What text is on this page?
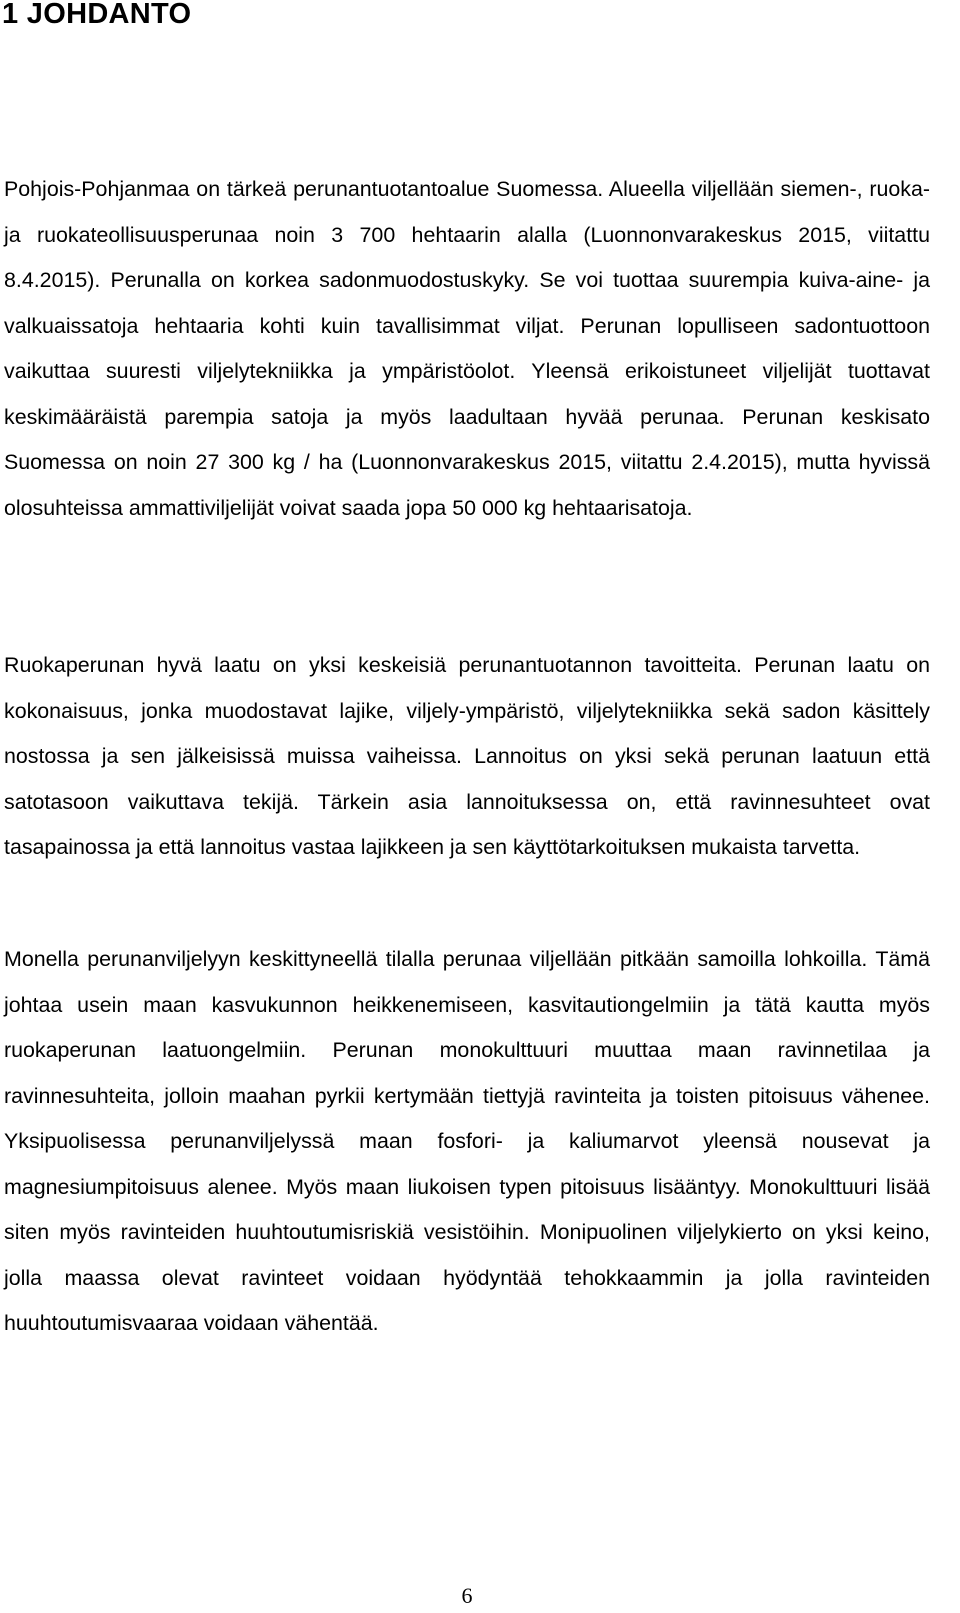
1 JOHDANTO

Pohjois-Pohjanmaa on tärkeä perunantuotantoalue Suomessa. Alueella viljellään siemen-, ruoka- ja ruokateollisuusperunaa noin 3 700 hehtaarin alalla (Luonnonvarakeskus 2015, viitattu 8.4.2015). Perunalla on korkea sadonmuodostuskyky. Se voi tuottaa suurempia kuiva-aine- ja valkuaissatoja hehtaaria kohti kuin tavallisimmat viljat. Perunan lopulliseen sadontuottoon vaikuttaa suuresti viljelytekniikka ja ympäristöolot. Yleensä erikoistuneet viljelijät tuottavat keskimääräistä parempia satoja ja myös laadultaan hyvää perunaa. Perunan keskisato Suomessa on noin 27 300 kg / ha (Luonnonvarakeskus 2015, viitattu 2.4.2015), mutta hyvissä olosuhteissa ammattiviljelijät voivat saada jopa 50 000 kg hehtaarisatoja.

Ruokaperunan hyvä laatu on yksi keskeisiä perunantuotannon tavoitteita. Perunan laatu on kokonaisuus, jonka muodostavat lajike, viljely-ympäristö, viljelytekniikka sekä sadon käsittely nostossa ja sen jälkeisissä muissa vaiheissa. Lannoitus on yksi sekä perunan laatuun että satotasoon vaikuttava tekijä. Tärkein asia lannoituksessa on, että ravinnesuhteet ovat tasapainossa ja että lannoitus vastaa lajikkeen ja sen käyttötarkoituksen mukaista tarvetta.

Monella perunanviljelyyn keskittyneellä tilalla perunaa viljellään pitkään samoilla lohkoilla. Tämä johtaa usein maan kasvukunnon heikkenemiseen, kasvitautiongelmiin ja tätä kautta myös ruokaperunan laatuongelmiin. Perunan monokulttuuri muuttaa maan ravinnetilaa ja ravinnesuhteita, jolloin maahan pyrkii kertymään tiettyjä ravinteita ja toisten pitoisuus vähenee. Yksipuolisessa perunanviljelyssä maan fosfori- ja kaliumarvot yleensä nousevat ja magnesiumpitoisuus alenee. Myös maan liukoisen typen pitoisuus lisääntyy. Monokulttuuri lisää siten myös ravinteiden huuhtoutumisriskiä vesistöihin. Monipuolinen viljelykierto on yksi keino, jolla maassa olevat ravinteet voidaan hyödyntää tehokkaammin ja jolla ravinteiden huuhtoutumisvaaraa voidaan vähentää.

6
